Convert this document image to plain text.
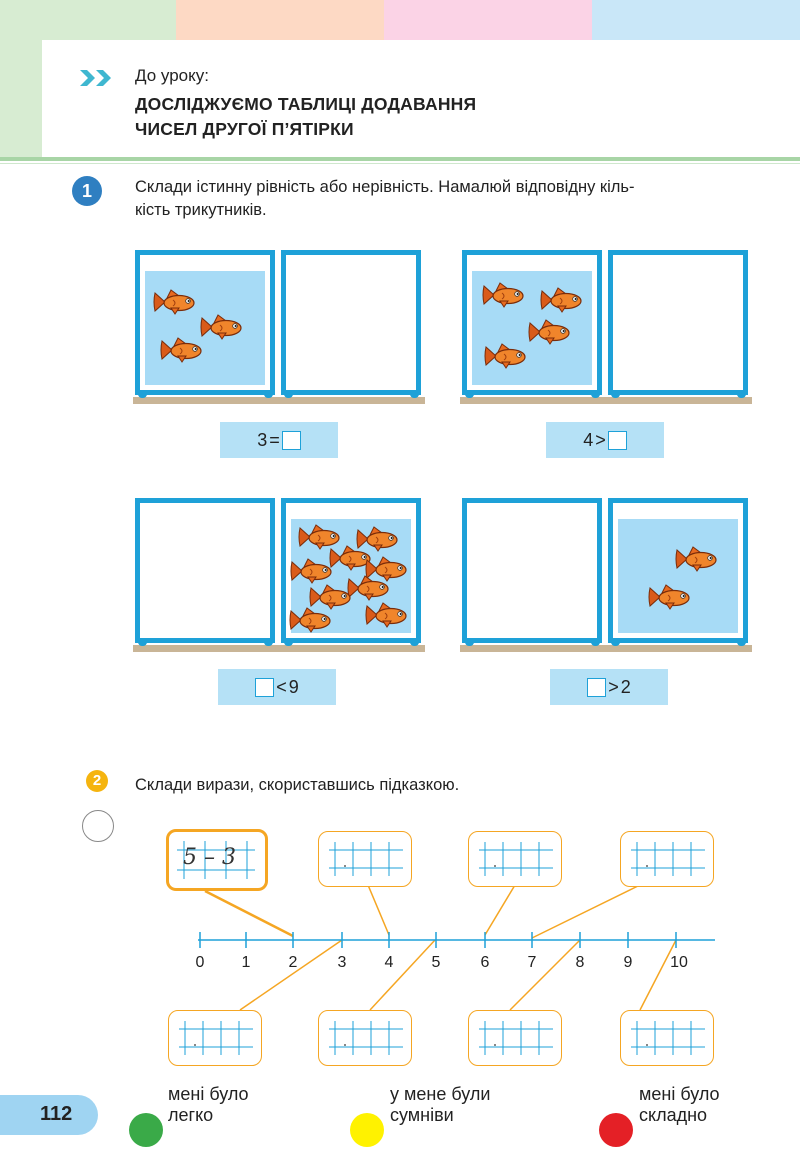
До уроку:
ДОСЛІДЖУЄМО ТАБЛИЦІ ДОДАВАННЯ
ЧИСЕЛ ДРУГОЇ П’ЯТІРКИ
1	Склади істинну рівність або нерівність. Намалюй відповідну кіль-
кість трикутників.
3 =	4 >
< 9	> 2
2	Склади вирази, скориставшись підказкою.
5 – 3
0	1	2	3	4	5	6	7	8	9	10
112
мені було
легко
у мене були
сумніви
мені було
складно
